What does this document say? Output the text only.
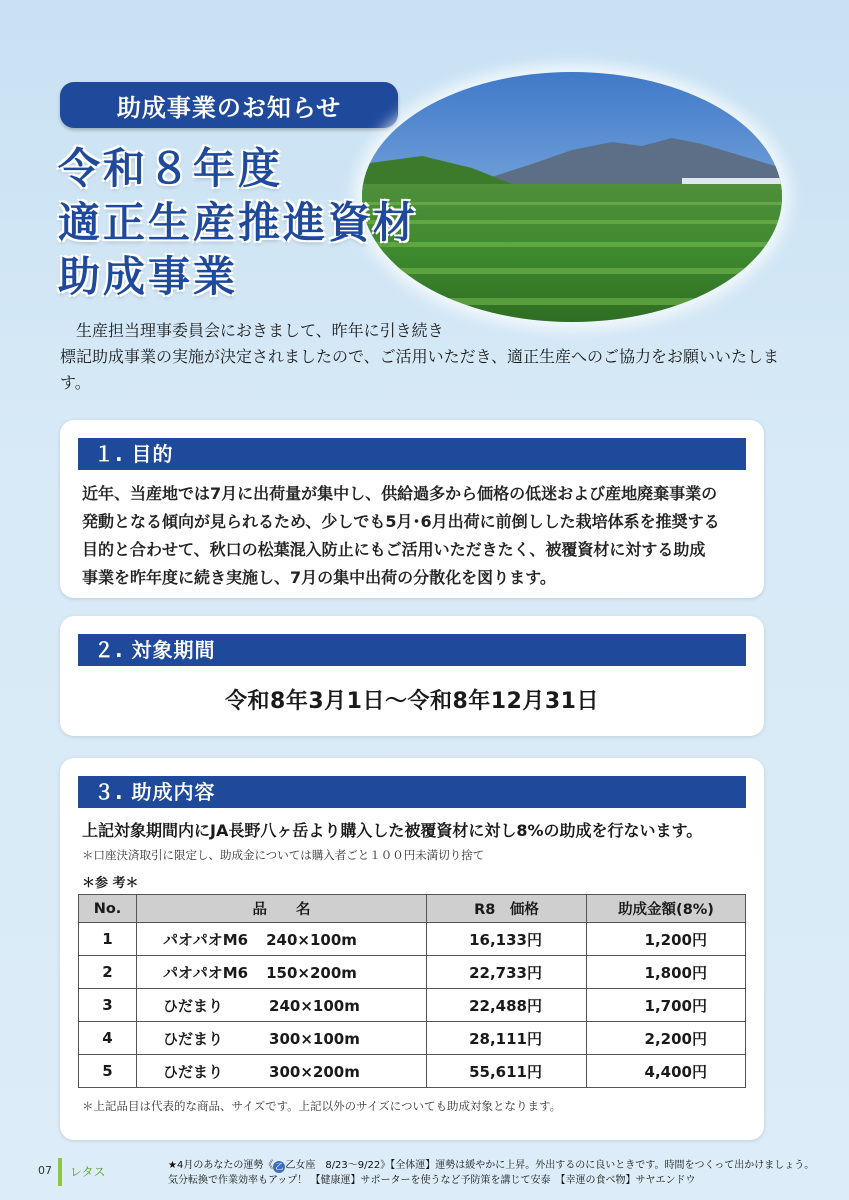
助成事業のお知らせ
令和８年度
適正生産推進資材
助成事業

生産担当理事委員会におきまして、昨年に引き続き

標記助成事業の実施が決定されましたので、ご活用いただき、適正生産へのご協力をお願いいたします。

１. 目的
近年、当産地では7月に出荷量が集中し、供給過多から価格の低迷および産地廃棄事業の
発動となる傾向が見られるため、少しでも5月･6月出荷に前倒しした栽培体系を推奨する
目的と合わせて、秋口の松葉混入防止にもご活用いただきたく、被覆資材に対する助成
事業を昨年度に続き実施し、7月の集中出荷の分散化を図ります。
２. 対象期間
令和8年3月1日～令和8年12月31日
３. 助成内容
上記対象期間内にJA長野八ヶ岳より購入した被覆資材に対し8%の助成を行ないます。
＊口座決済取引に限定し、助成金については購入者ごと１００円未満切り捨て
＊参 考＊
No.	品　　名	R8　価格	助成金額(8%)
1	パオパオM6 240×100m	16,133円	1,200円
2	パオパオM6 150×200m	22,733円	1,800円
3	ひだまり 240×100m	22,488円	1,700円
4	ひだまり 300×100m	28,111円	2,200円
5	ひだまり 300×200m	55,611円	4,400円
＊上記品目は代表的な商品、サイズです。上記以外のサイズについても助成対象となります。
07 レタス	★4月のあなたの運勢《 乙 乙女座　8/23～9/22》【全体運】運勢は緩やかに上昇。外出するのに良いときです。時間をつくって出かけましょう。
気分転換で作業効率もアップ！ 【健康運】サポーターを使うなど予防策を講じて安泰　【幸運の食べ物】サヤエンドウ
